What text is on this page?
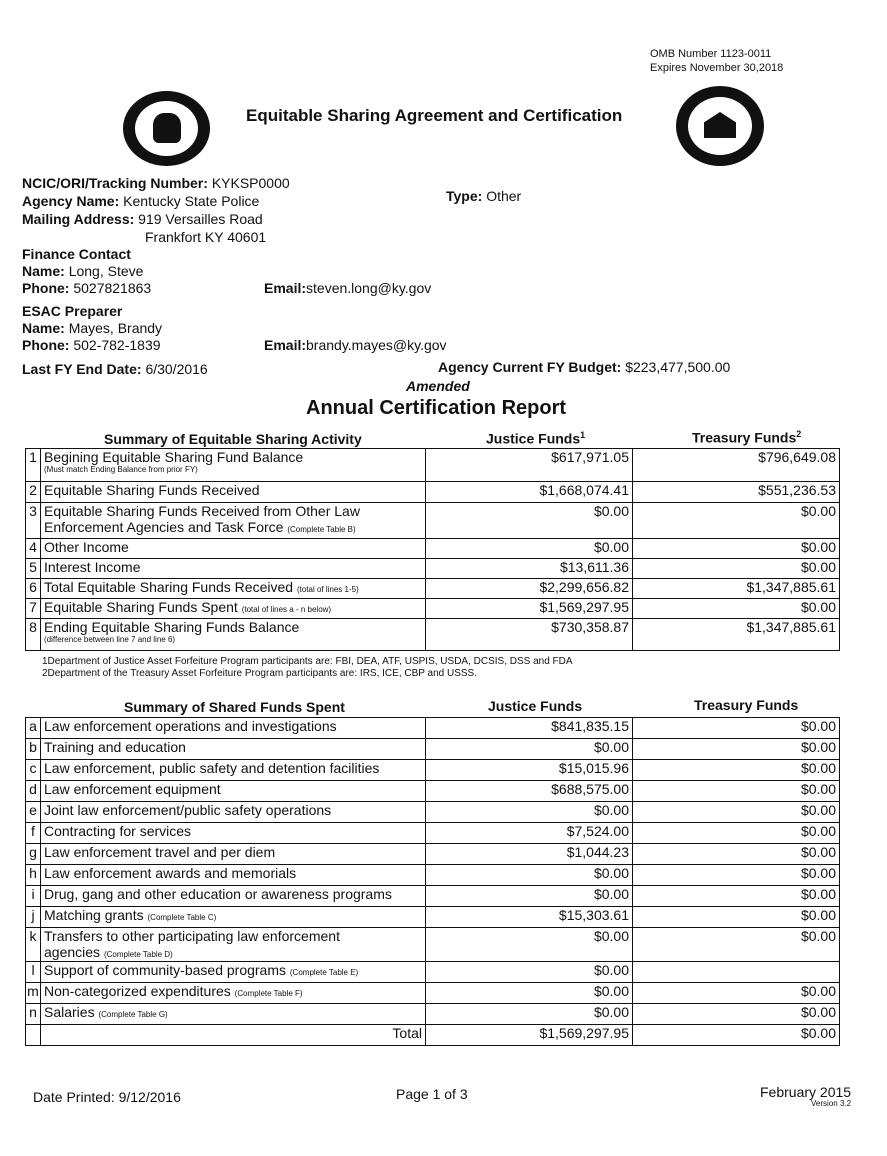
OMB Number 1123-0011
Expires November 30,2018
Equitable Sharing Agreement and Certification
NCIC/ORI/Tracking Number: KYKSP0000
Agency Name: Kentucky State Police
Mailing Address: 919 Versailles Road
Frankfort KY 40601
Type: Other
Finance Contact
Name: Long, Steve
Phone: 5027821863	Email:steven.long@ky.gov
ESAC Preparer
Name: Mayes, Brandy
Phone: 502-782-1839	Email:brandy.mayes@ky.gov
Last FY End Date: 6/30/2016	Agency Current FY Budget: $223,477,500.00
Amended
Annual Certification Report
Summary of Equitable Sharing Activity	Justice Funds$^1$	Treasury Funds$^2$
1	Begining Equitable Sharing Fund Balance
(Must match Ending Balance from prior FY)	$617,971.05	$796,649.08
2	Equitable Sharing Funds Received	$1,668,074.41	$551,236.53
3	Equitable Sharing Funds Received from Other Law
Enforcement Agencies and Task Force (Complete Table B)	$0.00	$0.00
4	Other Income	$0.00	$0.00
5	Interest Income	$13,611.36	$0.00
6	Total Equitable Sharing Funds Received (total of lines 1-5)	$2,299,656.82	$1,347,885.61
7	Equitable Sharing Funds Spent (total of lines a - n below)	$1,569,297.95	$0.00
8	Ending Equitable Sharing Funds Balance
(difference between line 7 and line 6)	$730,358.87	$1,347,885.61
1Department of Justice Asset Forfeiture Program participants are: FBI, DEA, ATF, USPIS, USDA, DCSIS, DSS and FDA
2Department of the Treasury Asset Forfeiture Program participants are: IRS, ICE, CBP and USSS.
Summary of Shared Funds Spent	Justice Funds	Treasury Funds
a	Law enforcement operations and investigations	$841,835.15	$0.00
b	Training and education	$0.00	$0.00
c	Law enforcement, public safety and detention facilities	$15,015.96	$0.00
d	Law enforcement equipment	$688,575.00	$0.00
e	Joint law enforcement/public safety operations	$0.00	$0.00
f	Contracting for services	$7,524.00	$0.00
g	Law enforcement travel and per diem	$1,044.23	$0.00
h	Law enforcement awards and memorials	$0.00	$0.00
i	Drug, gang and other education or awareness programs	$0.00	$0.00
j	Matching grants (Complete Table C)	$15,303.61	$0.00
k	Transfers to other participating law enforcement
agencies (Complete Table D)	$0.00	$0.00
l	Support of community-based programs (Complete Table E)	$0.00	
m	Non-categorized expenditures (Complete Table F)	$0.00	$0.00
n	Salaries (Complete Table G)	$0.00	$0.00
	Total	$1,569,297.95	$0.00
Date Printed: 9/12/2016	Page 1 of 3	February 2015
Version 3.2
